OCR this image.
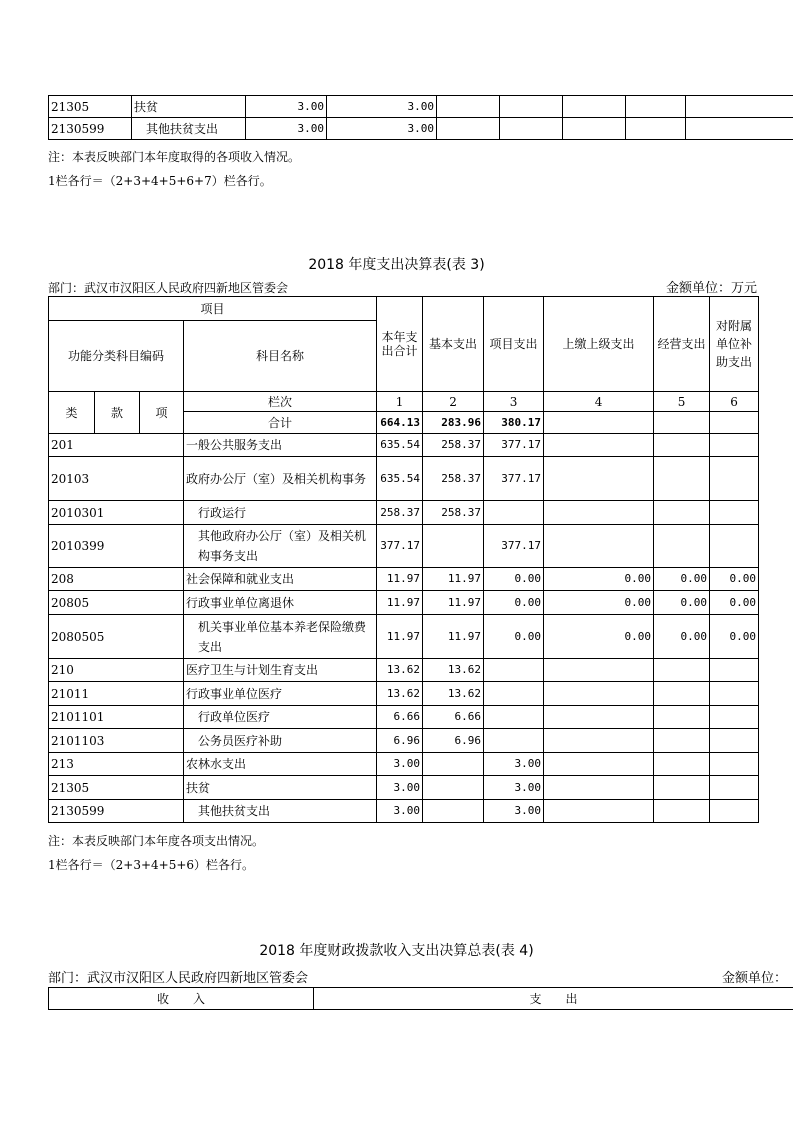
21305	扶贫	3.00	3.00					
2130599	其他扶贫支出	3.00	3.00					
注：本表反映部门本年度取得的各项收入情况。
1栏各行＝（2+3+4+5+6+7）栏各行。
2018 年度支出决算表(表 3)
部门：武汉市汉阳区人民政府四新地区管委会	金额单位：万元
项目				本年支出合计	基本支出	项目支出	上缴上级支出	经营支出	对附属单位补助支出
功能分类科目编码			科目名称						
类	款	项	栏次	1	2	3	4	5	6
			合计	664.13	283.96	380.17			
201			一般公共服务支出	635.54	258.37	377.17			
20103			政府办公厅（室）及相关机构事务	635.54	258.37	377.17			
2010301			行政运行	258.37	258.37				
2010399			其他政府办公厅（室）及相关机构事务支出	377.17		377.17			
208			社会保障和就业支出	11.97	11.97	0.00	0.00	0.00	0.00
20805			行政事业单位离退休	11.97	11.97	0.00	0.00	0.00	0.00
2080505			机关事业单位基本养老保险缴费支出	11.97	11.97	0.00	0.00	0.00	0.00
210			医疗卫生与计划生育支出	13.62	13.62				
21011			行政事业单位医疗	13.62	13.62				
2101101			行政单位医疗	6.66	6.66				
2101103			公务员医疗补助	6.96	6.96				
213			农林水支出	3.00		3.00			
21305			扶贫	3.00		3.00			
2130599			其他扶贫支出	3.00		3.00			
注：本表反映部门本年度各项支出情况。
1栏各行＝（2+3+4+5+6）栏各行。
2018 年度财政拨款收入支出决算总表(表 4)
部门：武汉市汉阳区人民政府四新地区管委会	金额单位：
收　　入	支　　出
